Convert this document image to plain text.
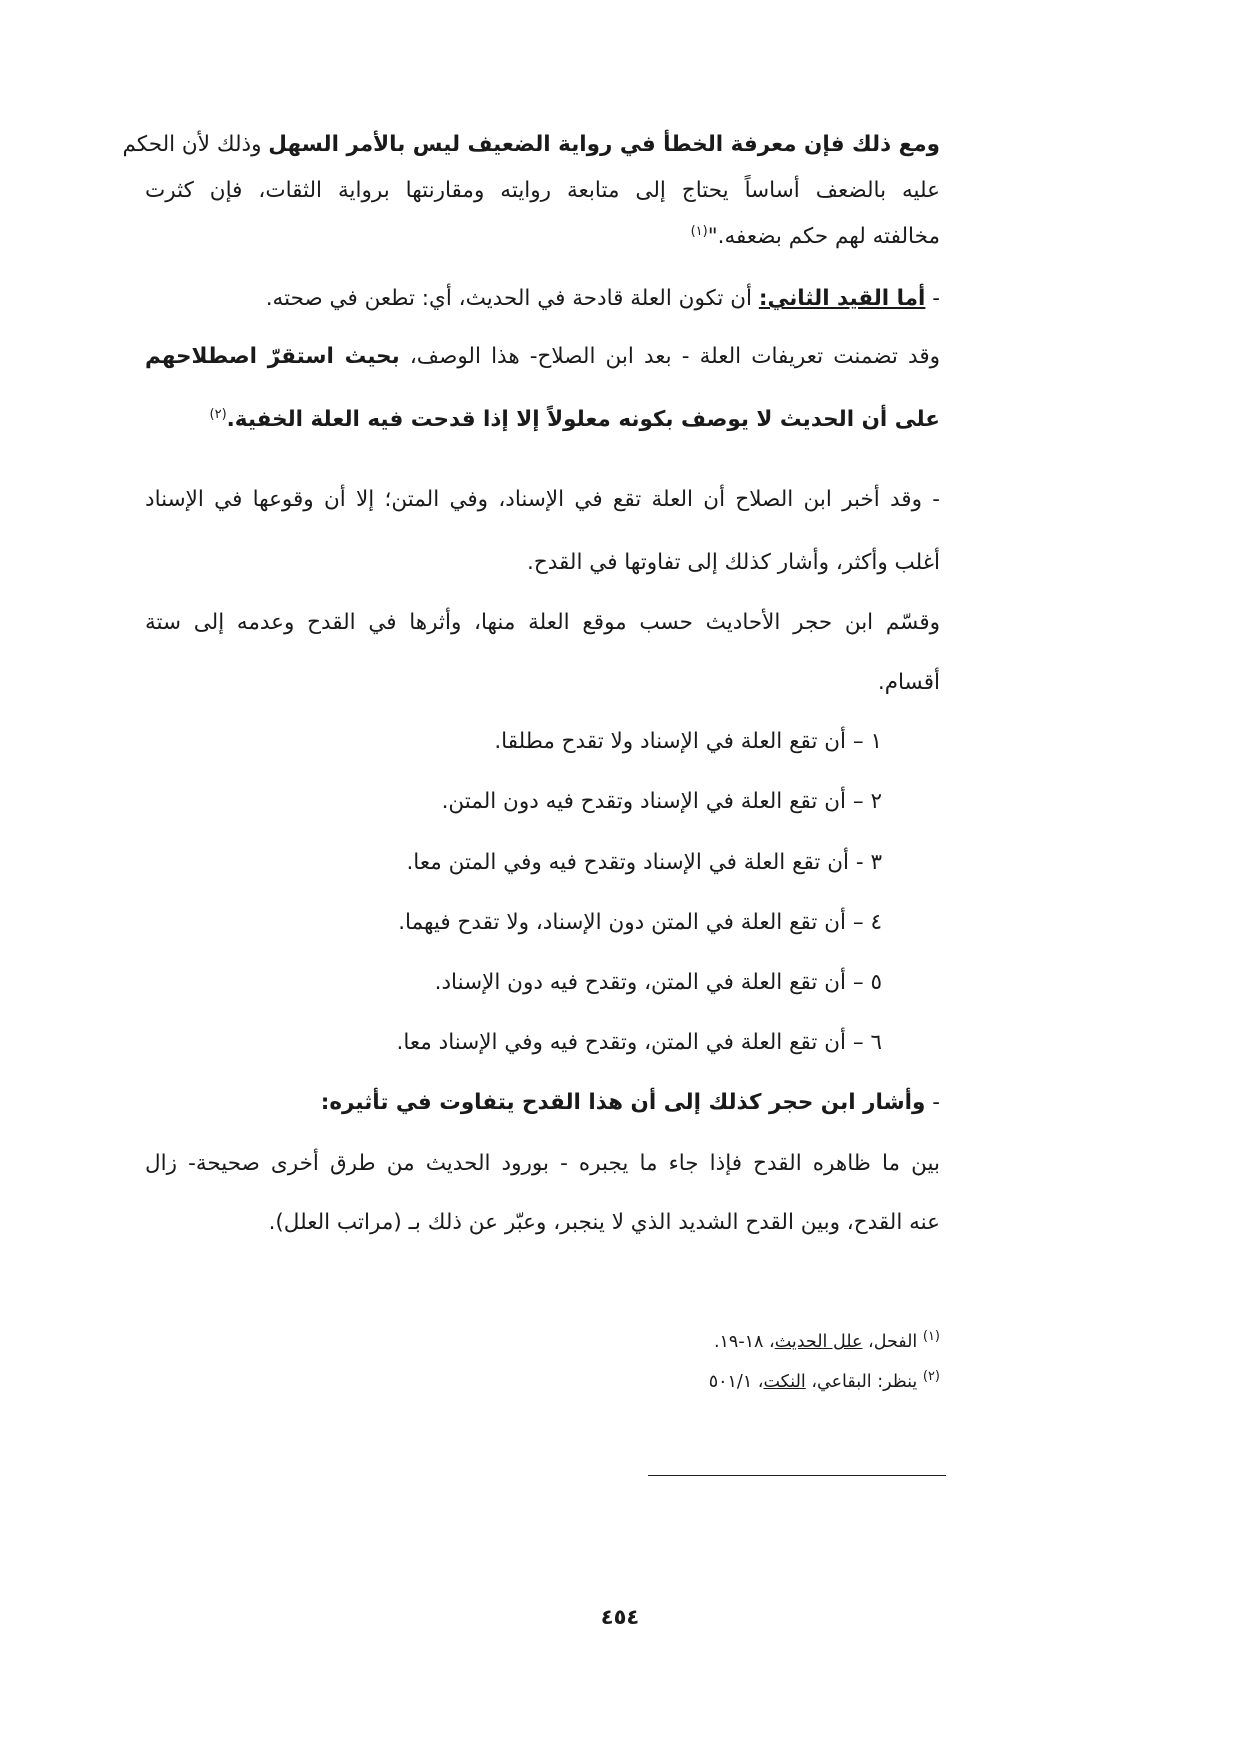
ومع ذلك فإن معرفة الخطأ في رواية الضعيف ليس بالأمر السهل وذلك لأن الحكم

عليه بالضعف أساساً يحتاج إلى متابعة روايته ومقارنتها برواية الثقات، فإن كثرت

مخالفته لهم حكم بضعفه."$^{(١)}$

- أما القيد الثاني: أن تكون العلة قادحة في الحديث، أي: تطعن في صحته.

وقد تضمنت تعريفات العلة - بعد ابن الصلاح- هذا الوصف، بحيث استقرّ اصطلاحهم

على أن الحديث لا يوصف بكونه معلولاً إلا إذا قدحت فيه العلة الخفية.$^{(٢)}$

- وقد أخبر ابن الصلاح أن العلة تقع في الإسناد، وفي المتن؛ إلا أن وقوعها في الإسناد

أغلب وأكثر، وأشار كذلك إلى تفاوتها في القدح.

وقسّم ابن حجر الأحاديث حسب موقع العلة منها، وأثرها في القدح وعدمه إلى ستة

أقسام.

١ – أن تقع العلة في الإسناد ولا تقدح مطلقا.

٢ – أن تقع العلة في الإسناد وتقدح فيه دون المتن.

٣ - أن تقع العلة في الإسناد وتقدح فيه وفي المتن معا.

٤ – أن تقع العلة في المتن دون الإسناد، ولا تقدح فيهما.

٥ – أن تقع العلة في المتن، وتقدح فيه دون الإسناد.

٦ – أن تقع العلة في المتن، وتقدح فيه وفي الإسناد معا.

- وأشار ابن حجر كذلك إلى أن هذا القدح يتفاوت في تأثيره:

بين ما ظاهره القدح فإذا جاء ما يجبره - بورود الحديث من طرق أخرى صحيحة- زال

عنه القدح، وبين القدح الشديد الذي لا ينجبر، وعبّر عن ذلك بـ (مراتب العلل).

$^{(١)}$ الفحل، علل الحديث، ١٨-١٩.
$^{(٢)}$ ينظر: البقاعي، النكت، ٥٠١/١
٤٥٤
